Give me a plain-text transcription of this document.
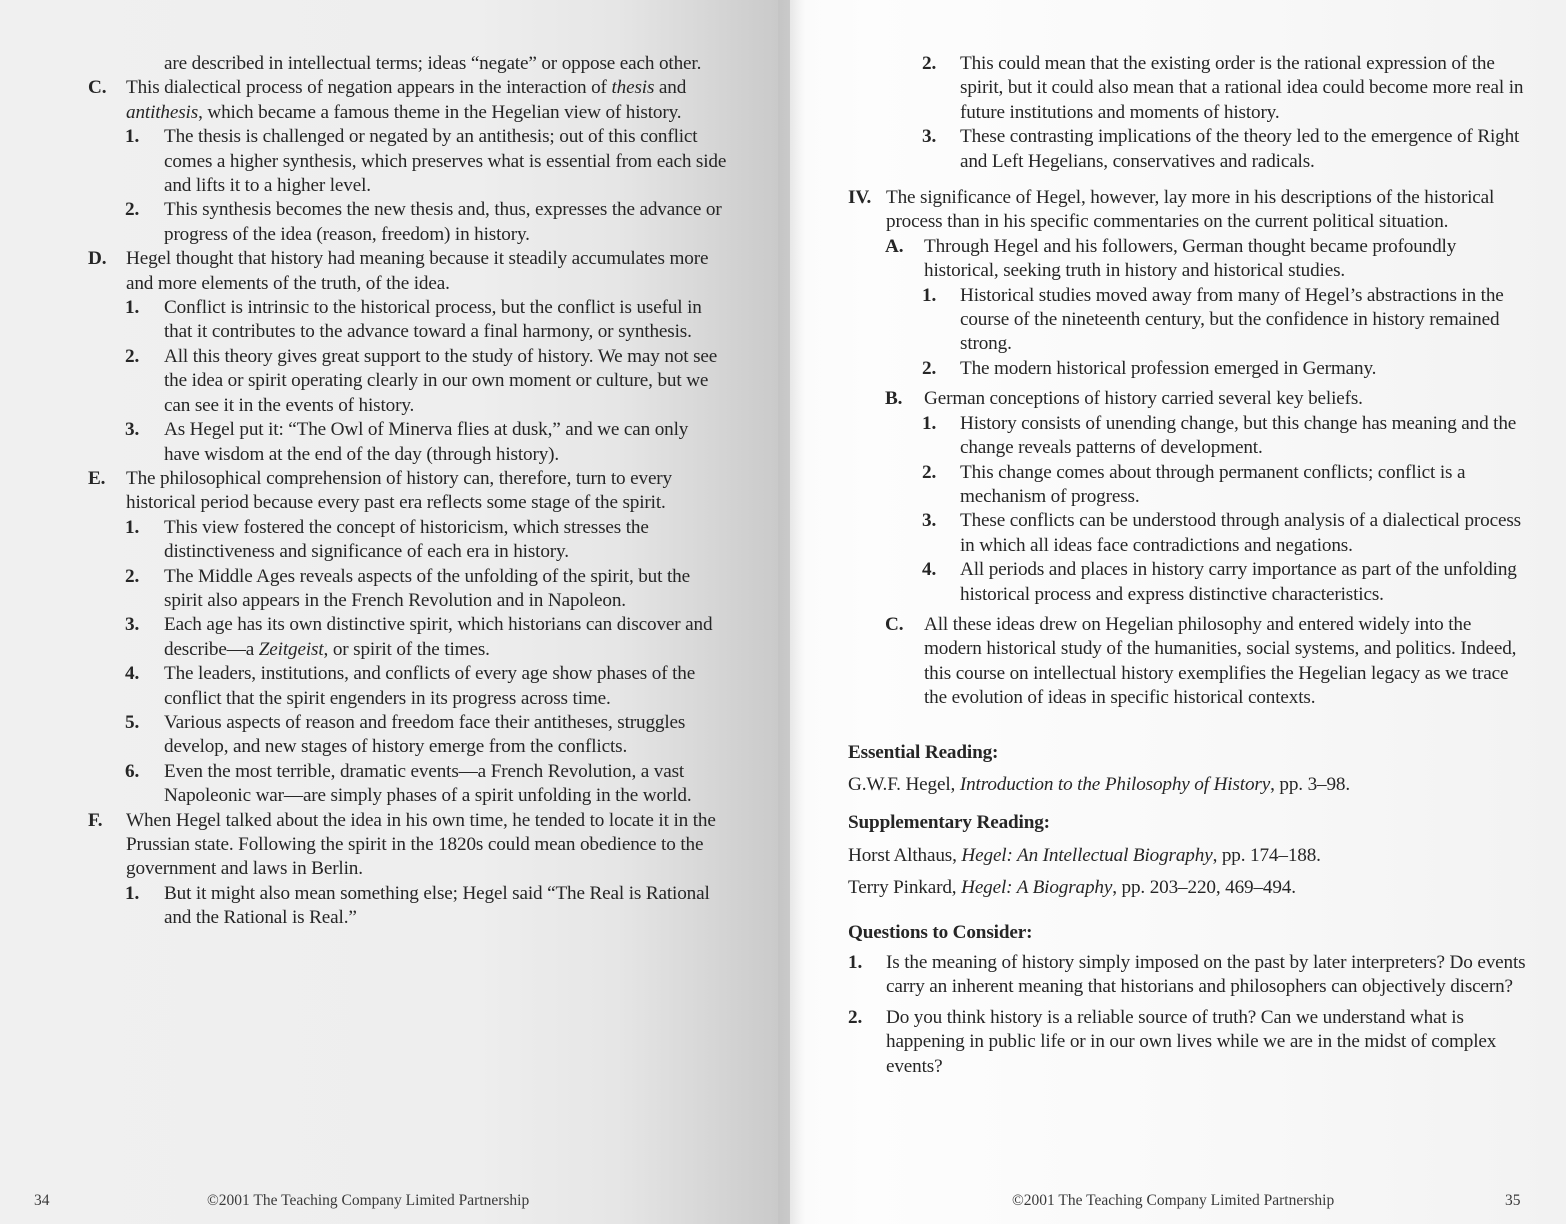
are described in intellectual terms; ideas “negate” or oppose each other.

C. This dialectical process of negation appears in the interaction of thesis and antithesis, which became a famous theme in the Hegelian view of history.
1. The thesis is challenged or negated by an antithesis; out of this conflict comes a higher synthesis, which preserves what is essential from each side and lifts it to a higher level.
2. This synthesis becomes the new thesis and, thus, expresses the advance or progress of the idea (reason, freedom) in history.
D. Hegel thought that history had meaning because it steadily accumulates more and more elements of the truth, of the idea.
1. Conflict is intrinsic to the historical process, but the conflict is useful in that it contributes to the advance toward a final harmony, or synthesis.
2. All this theory gives great support to the study of history. We may not see the idea or spirit operating clearly in our own moment or culture, but we can see it in the events of history.
3. As Hegel put it: “The Owl of Minerva flies at dusk,” and we can only have wisdom at the end of the day (through history).
E. The philosophical comprehension of history can, therefore, turn to every historical period because every past era reflects some stage of the spirit.
1. This view fostered the concept of historicism, which stresses the distinctiveness and significance of each era in history.
2. The Middle Ages reveals aspects of the unfolding of the spirit, but the spirit also appears in the French Revolution and in Napoleon.
3. Each age has its own distinctive spirit, which historians can discover and describe—a Zeitgeist, or spirit of the times.
4. The leaders, institutions, and conflicts of every age show phases of the conflict that the spirit engenders in its progress across time.
5. Various aspects of reason and freedom face their antitheses, struggles develop, and new stages of history emerge from the conflicts.
6. Even the most terrible, dramatic events—a French Revolution, a vast Napoleonic war—are simply phases of a spirit unfolding in the world.
F. When Hegel talked about the idea in his own time, he tended to locate it in the Prussian state. Following the spirit in the 1820s could mean obedience to the government and laws in Berlin.
1. But it might also mean something else; Hegel said “The Real is Rational and the Rational is Real.”
34	©2001 The Teaching Company Limited Partnership
2. This could mean that the existing order is the rational expression of the spirit, but it could also mean that a rational idea could become more real in future institutions and moments of history.
3. These contrasting implications of the theory led to the emergence of Right and Left Hegelians, conservatives and radicals.
IV. The significance of Hegel, however, lay more in his descriptions of the historical process than in his specific commentaries on the current political situation.
A. Through Hegel and his followers, German thought became profoundly historical, seeking truth in history and historical studies.
1. Historical studies moved away from many of Hegel’s abstractions in the course of the nineteenth century, but the confidence in history remained strong.
2. The modern historical profession emerged in Germany.
B. German conceptions of history carried several key beliefs.
1. History consists of unending change, but this change has meaning and the change reveals patterns of development.
2. This change comes about through permanent conflicts; conflict is a mechanism of progress.
3. These conflicts can be understood through analysis of a dialectical process in which all ideas face contradictions and negations.
4. All periods and places in history carry importance as part of the unfolding historical process and express distinctive characteristics.
C. All these ideas drew on Hegelian philosophy and entered widely into the modern historical study of the humanities, social systems, and politics. Indeed, this course on intellectual history exemplifies the Hegelian legacy as we trace the evolution of ideas in specific historical contexts.

Essential Reading:

G.W.F. Hegel, Introduction to the Philosophy of History, pp. 3–98.

Supplementary Reading:

Horst Althaus, Hegel: An Intellectual Biography, pp. 174–188.

Terry Pinkard, Hegel: A Biography, pp. 203–220, 469–494.

Questions to Consider:

1. Is the meaning of history simply imposed on the past by later interpreters? Do events carry an inherent meaning that historians and philosophers can objectively discern?
2. Do you think history is a reliable source of truth? Can we understand what is happening in public life or in our own lives while we are in the midst of complex events?
©2001 The Teaching Company Limited Partnership	35
